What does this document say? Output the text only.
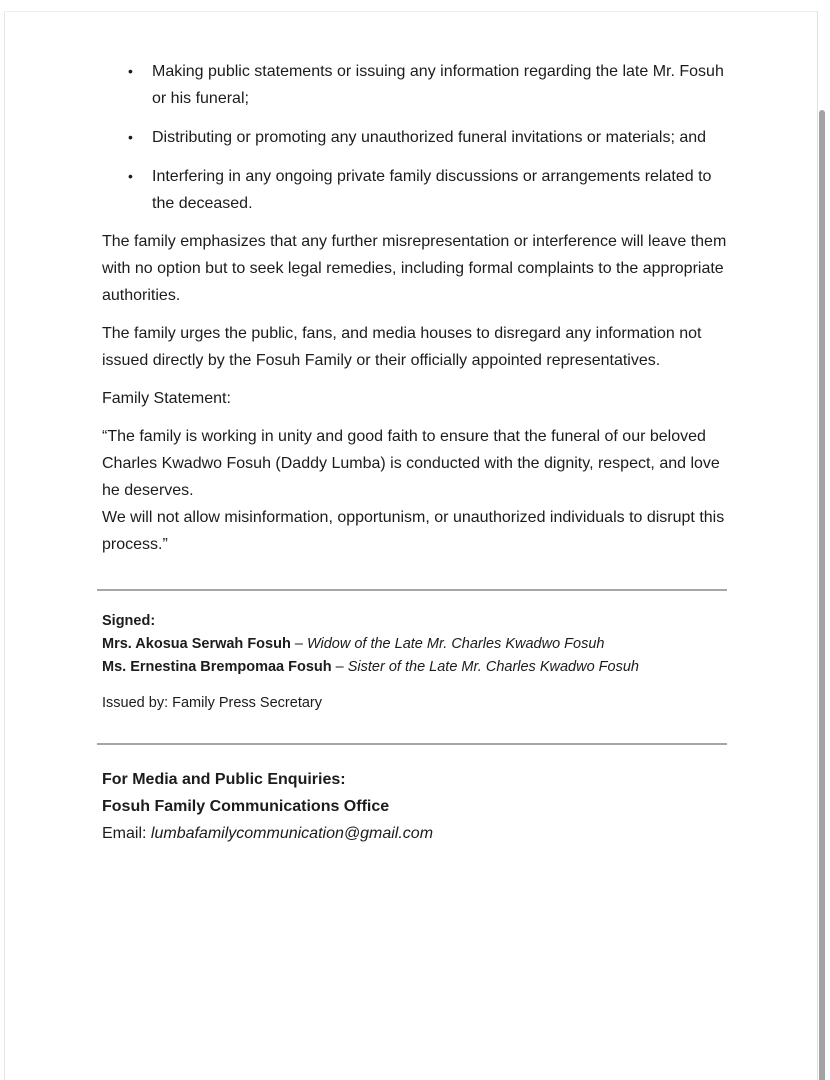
• Making public statements or issuing any information regarding the late Mr. Fosuh or his funeral;
• Distributing or promoting any unauthorized funeral invitations or materials; and
• Interfering in any ongoing private family discussions or arrangements related to the deceased.

The family emphasizes that any further misrepresentation or interference will leave them with no option but to seek legal remedies, including formal complaints to the appropriate authorities.

The family urges the public, fans, and media houses to disregard any information not issued directly by the Fosuh Family or their officially appointed representatives.

Family Statement:

“The family is working in unity and good faith to ensure that the funeral of our beloved Charles Kwadwo Fosuh (Daddy Lumba) is conducted with the dignity, respect, and love he deserves.
We will not allow misinformation, opportunism, or unauthorized individuals to disrupt this process.”
Signed:
Mrs. Akosua Serwah Fosuh – Widow of the Late Mr. Charles Kwadwo Fosuh
Ms. Ernestina Brempomaa Fosuh – Sister of the Late Mr. Charles Kwadwo Fosuh
Issued by: Family Press Secretary
For Media and Public Enquiries:
Fosuh Family Communications Office
Email: lumbafamilycommunication@gmail.com
